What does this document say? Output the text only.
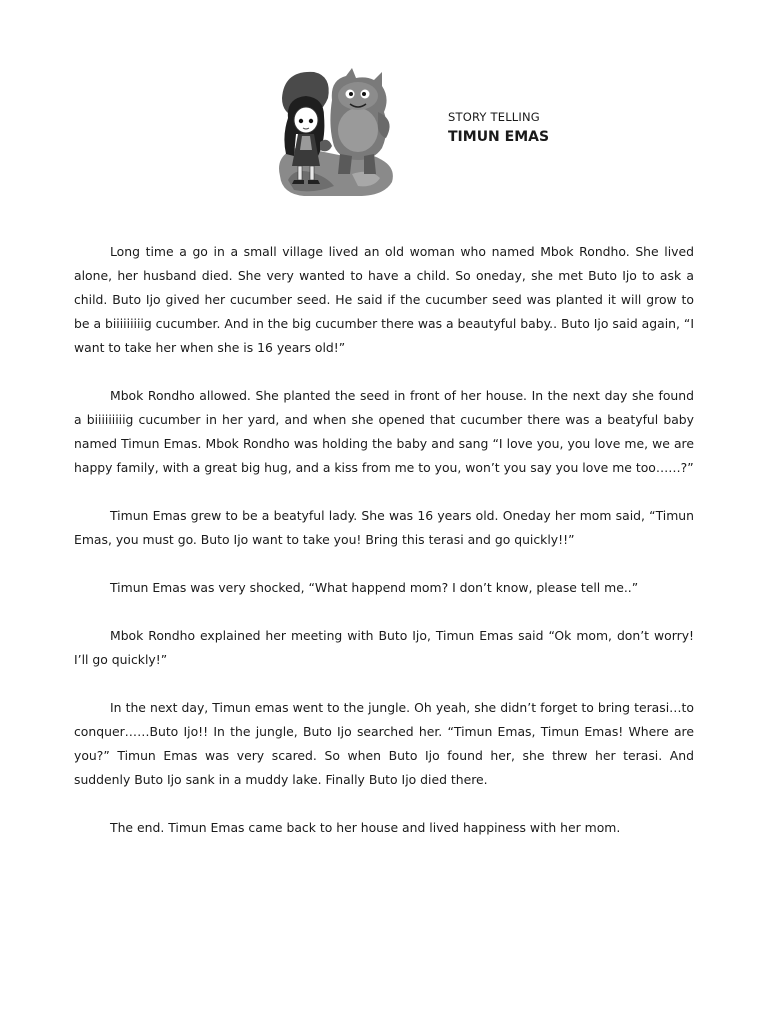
STORY TELLING
TIMUN EMAS

Long time a go in a small village lived an old woman who named Mbok Rondho. She lived alone, her husband died. She very wanted to have a child. So oneday, she met Buto Ijo to ask a child. Buto Ijo gived her cucumber seed. He said if the cucumber seed was planted it will grow to be a biiiiiiiiig cucumber. And in the big cucumber there was a beautyful baby.. Buto Ijo said again, “I want to take her when she is 16 years old!”

Mbok Rondho allowed. She planted the seed in front of her house. In the next day she found a biiiiiiiiig cucumber in her yard, and when she opened that cucumber there was a beatyful baby named Timun Emas. Mbok Rondho was holding the baby and sang “I love you, you love me, we are happy family, with a great big hug, and a kiss from me to you, won’t you say you love me too……?”

Timun Emas grew to be a beatyful lady. She was 16 years old. Oneday her mom said, “Timun Emas, you must go. Buto Ijo want to take you! Bring this terasi and go quickly!!”

Timun Emas was very shocked, “What happend mom? I don’t know, please tell me..”

Mbok Rondho explained her meeting with Buto Ijo, Timun Emas said “Ok mom, don’t worry! I’ll go quickly!”

In the next day, Timun emas went to the jungle. Oh yeah, she didn’t forget to bring terasi…to conquer……Buto Ijo!! In the jungle, Buto Ijo searched her. “Timun Emas, Timun Emas! Where are you?” Timun Emas was very scared. So when Buto Ijo found her, she threw her terasi. And suddenly Buto Ijo sank in a muddy lake. Finally Buto Ijo died there.

The end. Timun Emas came back to her house and lived happiness with her mom.
